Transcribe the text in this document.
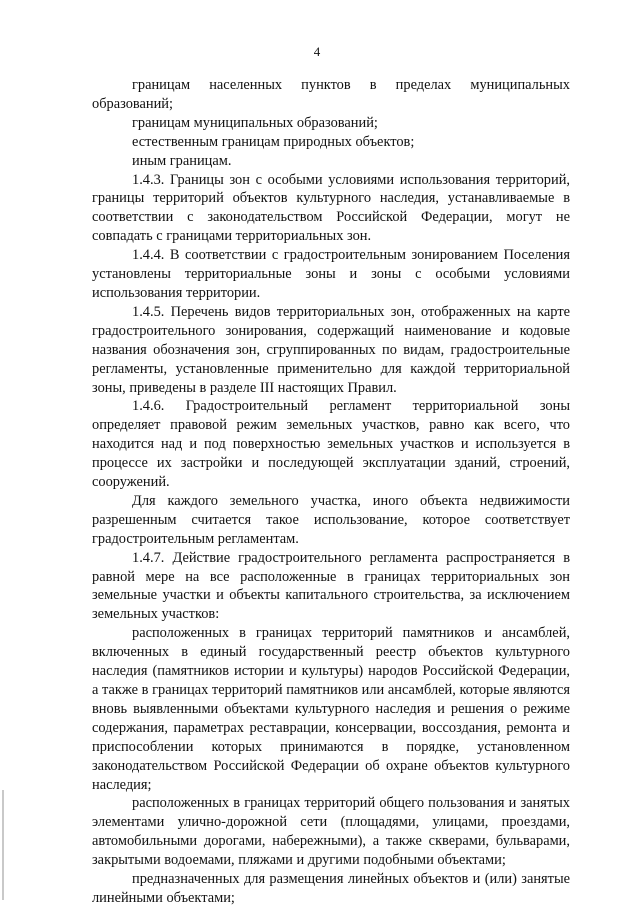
4

границам населенных пунктов в пределах муниципальных образований;

границам муниципальных образований;

естественным границам природных объектов;

иным границам.

1.4.3. Границы зон с особыми условиями использования территорий, границы территорий объектов культурного наследия, устанавливаемые в соответствии с законодательством Российской Федерации, могут не совпадать с границами территориальных зон.

1.4.4. В соответствии с градостроительным зонированием Поселения установлены территориальные зоны и зоны с особыми условиями использования территории.

1.4.5. Перечень видов территориальных зон, отображенных на карте градостроительного зонирования, содержащий наименование и кодовые названия обозначения зон, сгруппированных по видам, градостроительные регламенты, установленные применительно для каждой территориальной зоны, приведены в разделе III настоящих Правил.

1.4.6. Градостроительный регламент территориальной зоны определяет правовой режим земельных участков, равно как всего, что находится над и под поверхностью земельных участков и используется в процессе их застройки и последующей эксплуатации зданий, строений, сооружений.

Для каждого земельного участка, иного объекта недвижимости разрешенным считается такое использование, которое соответствует градостроительным регламентам.

1.4.7. Действие градостроительного регламента распространяется в равной мере на все расположенные в границах территориальных зон земельные участки и объекты капитального строительства, за исключением земельных участков:

расположенных в границах территорий памятников и ансамблей, включенных в единый государственный реестр объектов культурного наследия (памятников истории и культуры) народов Российской Федерации, а также в границах территорий памятников или ансамблей, которые являются вновь выявленными объектами культурного наследия и решения о режиме содержания, параметрах реставрации, консервации, воссоздания, ремонта и приспособлении которых принимаются в порядке, установленном законодательством Российской Федерации об охране объектов культурного наследия;

расположенных в границах территорий общего пользования и занятых элементами улично-дорожной сети (площадями, улицами, проездами, автомобильными дорогами, набережными), а также скверами, бульварами, закрытыми водоемами, пляжами и другими подобными объектами;

предназначенных для размещения линейных объектов и (или) занятые линейными объектами;
